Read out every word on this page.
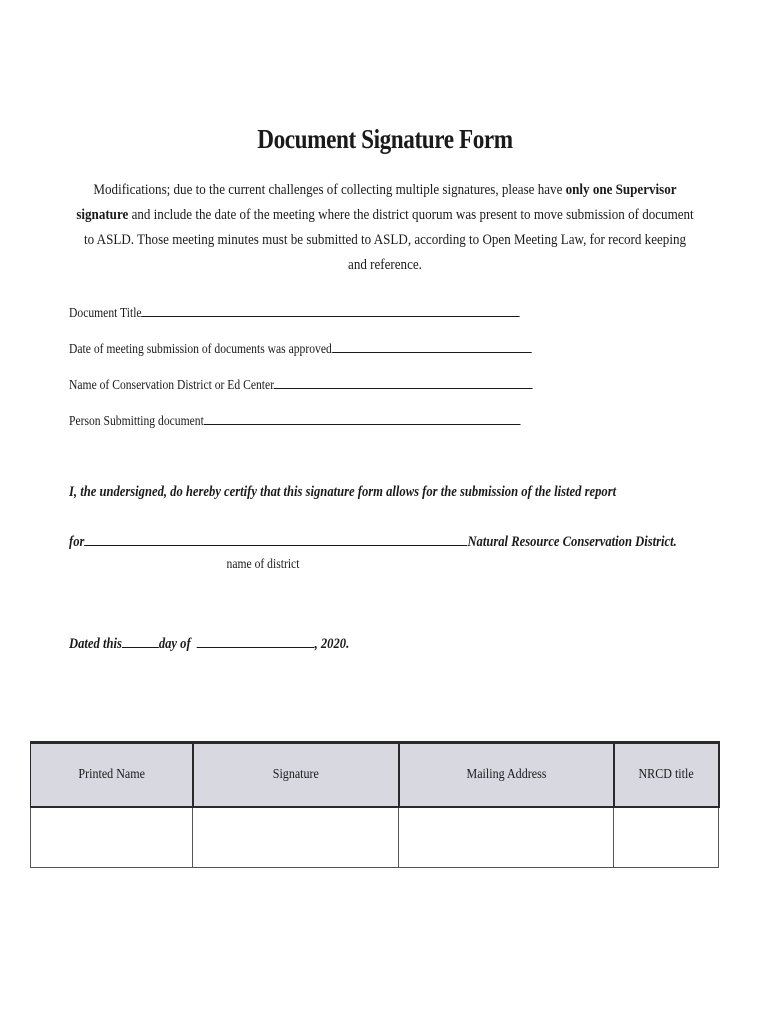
Document Signature Form
Modifications; due to the current challenges of collecting multiple signatures, please have only one Supervisor signature and include the date of the meeting where the district quorum was present to move submission of document to ASLD. Those meeting minutes must be submitted to ASLD, according to Open Meeting Law, for record keeping and reference.
Document Title
Date of meeting submission of documents was approved
Name of Conservation District or Ed Center
Person Submitting document
I, the undersigned, do hereby certify that this signature form allows for the submission of the listed report
for	Natural Resource Conservation District.
name of district
Dated this day of	, 2020.
Printed Name	Signature	Mailing Address	NRCD title
